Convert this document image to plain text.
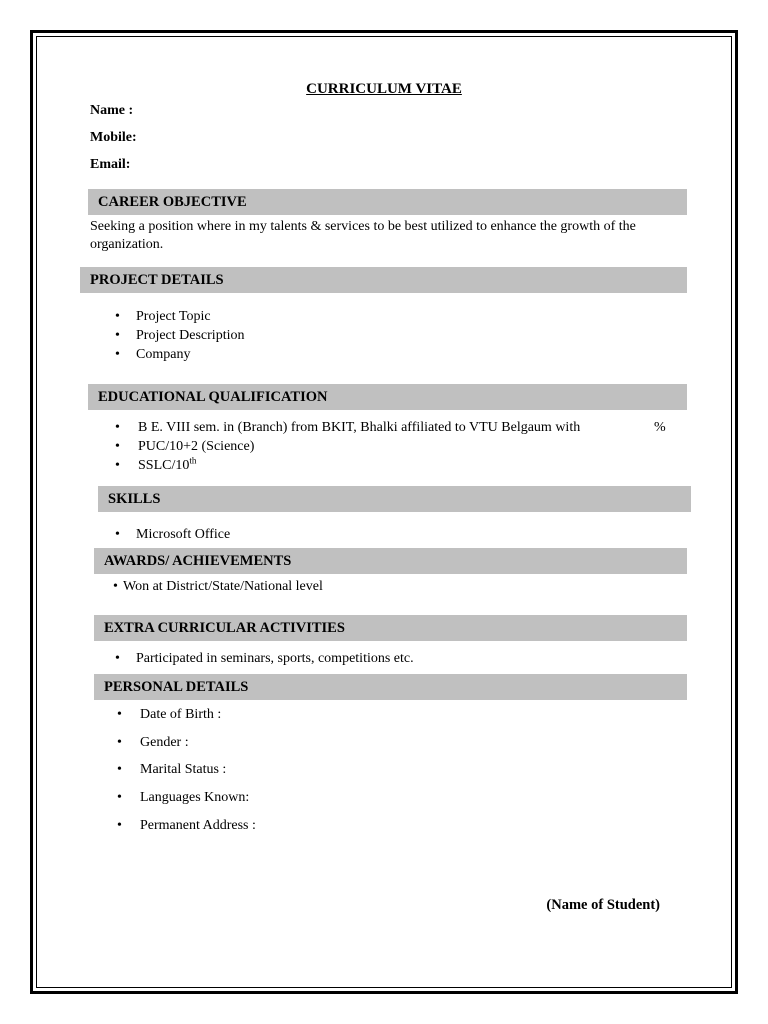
CURRICULUM VITAE
Name :
Mobile:
Email:
CAREER OBJECTIVE
Seeking a position where in my talents & services to be best utilized to enhance the growth of the
organization.
PROJECT DETAILS
• Project Topic
• Project Description
• Company
EDUCATIONAL QUALIFICATION
• B E. VIII sem. in (Branch) from BKIT, Bhalki affiliated to VTU Belgaum with	%
• PUC/10+2 (Science)
• SSLC/10th
SKILLS
• Microsoft Office
AWARDS/ ACHIEVEMENTS
• Won at District/State/National level
EXTRA CURRICULAR ACTIVITIES
• Participated in seminars, sports, competitions etc.
PERSONAL DETAILS
• Date of Birth :
• Gender :
• Marital Status :
• Languages Known:
• Permanent Address :
(Name of Student)
